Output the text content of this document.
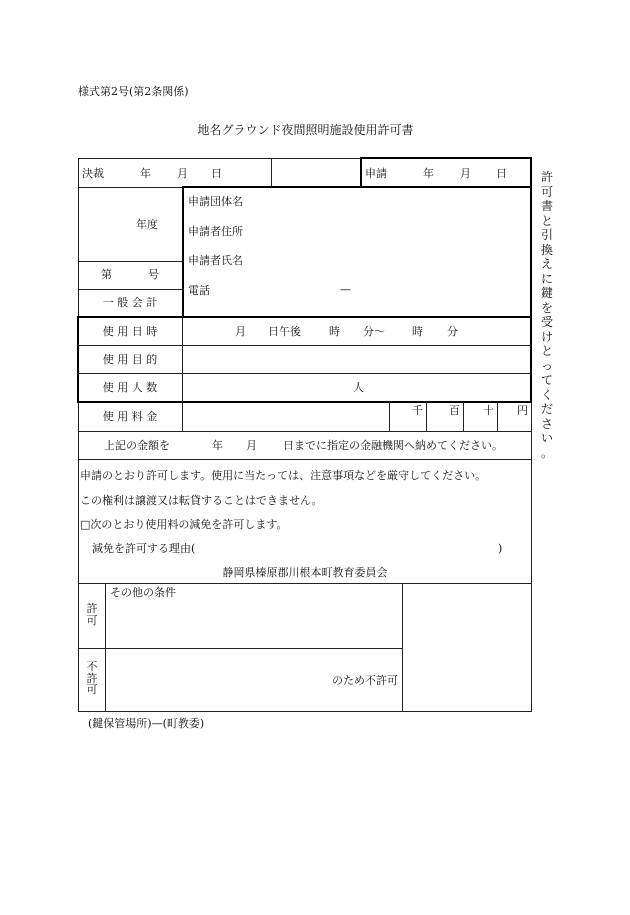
様式第2号(第2条関係)
地名グラウンド夜間照明施設使用許可書
決裁	年 月 日	申請	年 月 日
年度
第	号
一 般 会 計
申請団体名
申請者住所
申請者氏名
電話	—
使 用 日 時	月 日午後	時 分〜 時 分
使 用 目 的
使 用 人 数	人
使 用 料 金	千 百 十 円
上記の金額を	年 月 日までに指定の金融機関へ納めてください。
申請のとおり許可します。使用に当たっては、注意事項などを厳守してください。
この権利は譲渡又は転貸することはできません。
□次のとおり使用料の減免を許可します。
減免を許可する理由(	)
静岡県榛原郡川根本町教育委員会
許
可
その他の条件
不
許
可
のため不許可
(鍵保管場所)—(町教委)
許
可
書
と
引
換
え
に
鍵
を
受
け
と
っ
て
く
だ
さ
い
。
